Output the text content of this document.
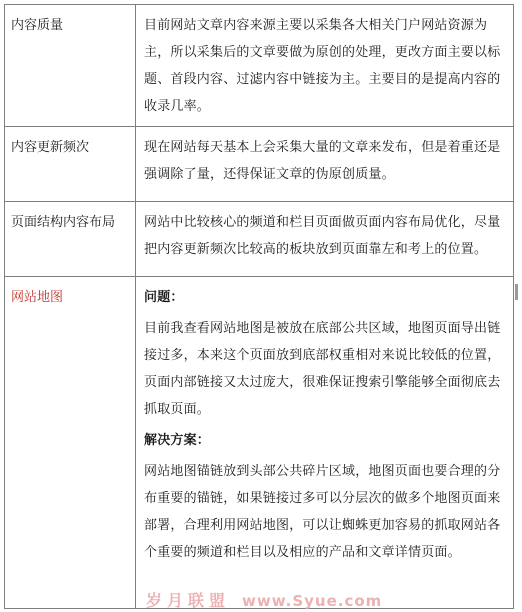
内容质量	目前网站文章内容来源主要以采集各大相关门户网站资源为主，所以采集后的文章要做为原创的处理，更改方面主要以标题、首段内容、过滤内容中链接为主。主要目的是提高内容的收录几率。
内容更新频次	现在网站每天基本上会采集大量的文章来发布，但是着重还是强调除了量，还得保证文章的伪原创质量。
页面结构内容布局	网站中比较核心的频道和栏目页面做页面内容布局优化，尽量把内容更新频次比较高的板块放到页面靠左和考上的位置。
网站地图	问题：
目前我查看网站地图是被放在底部公共区域，地图页面导出链接过多，本来这个页面放到底部权重相对来说比较低的位置，页面内部链接又太过庞大，很难保证搜索引擎能够全面彻底去抓取页面。
解决方案：
网站地图锚链放到头部公共碎片区域，地图页面也要合理的分布重要的锚链，如果链接过多可以分层次的做多个地图页面来部署，合理利用网站地图，可以让蜘蛛更加容易的抓取网站各个重要的频道和栏目以及相应的产品和文章详情页面。
岁月联盟 www.Syue.com
